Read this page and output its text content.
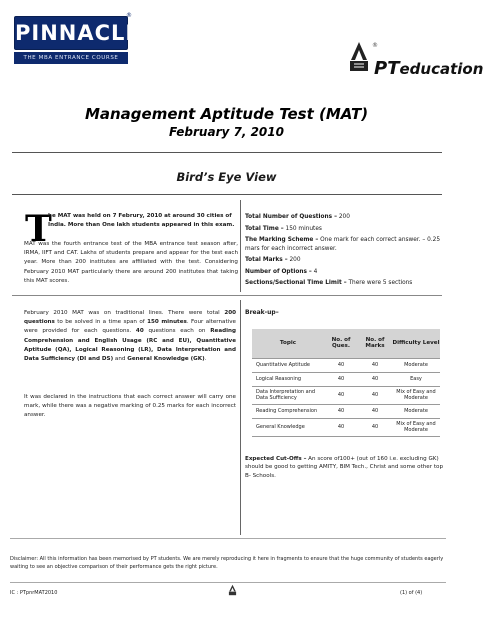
PINNACLE
THE MBA ENTRANCE COURSE
®
®
PTeducation
Management Aptitude Test (MAT)
February 7, 2010
Bird’s Eye View
T
he MAT was held on 7 Februry, 2010 at around 30 cities of India. More than One lakh students appeared in this exam.
MAT was the fourth entrance test of the MBA entrance test season after, IRMA, IIFT and CAT. Lakhs of students prepare and appear for the test each year. More than 200 institutes are affiliated with the test. Considering February 2010 MAT particularly there are around 200 institutes that taking this MAT scores.
Total Number of Questions – 200
Total Time – 150 minutes
The Marking Scheme – One mark for each correct answer. – 0.25 mars for each incorrect answer.
Total Marks – 200
Number of Options – 4
Sections/Sectional Time Limit – There were 5 sections
February 2010 MAT was on traditional lines. There were total 200 questions to be solved in a time span of 150 minutes. Four alternative were provided for each questions. 40 questions each on Reading Comprehension and English Usage (RC and EU), Quantitative Aptitude (QA), Logical Reasoning (LR), Data Interpretation and Data Sufficiency (DI and DS) and General Knowledge (GK).
It was declared in the instructions that each correct answer will carry one mark, while there was a negative marking of 0.25 marks for each incorrect answer.
Break-up–
Topic	No. of Ques.	No. of Marks	Difficulty Level
Quantitative Aptitude	40	40	Moderate
Logical Reasoning	40	40	Easy
Data Interpretation and Data Sufficiency	40	40	Mix of Easy and Moderate
Reading Comprehension	40	40	Moderate
General Knowledge	40	40	Mix of Easy and Moderate
Expected Cut-Offs – An score of100+ (out of 160 i.e. excluding GK) should be good to getting AMITY, BIM Tech., Christ and some other top B- Schools.
Disclaimer: All this information has been memorised by PT students. We are merely reproducing it here in fragments to ensure that the huge community of students eagerly waiting to see an objective comparison of their performance gets the right picture.
IC : PTpnrMAT2010	(1) of (4)
